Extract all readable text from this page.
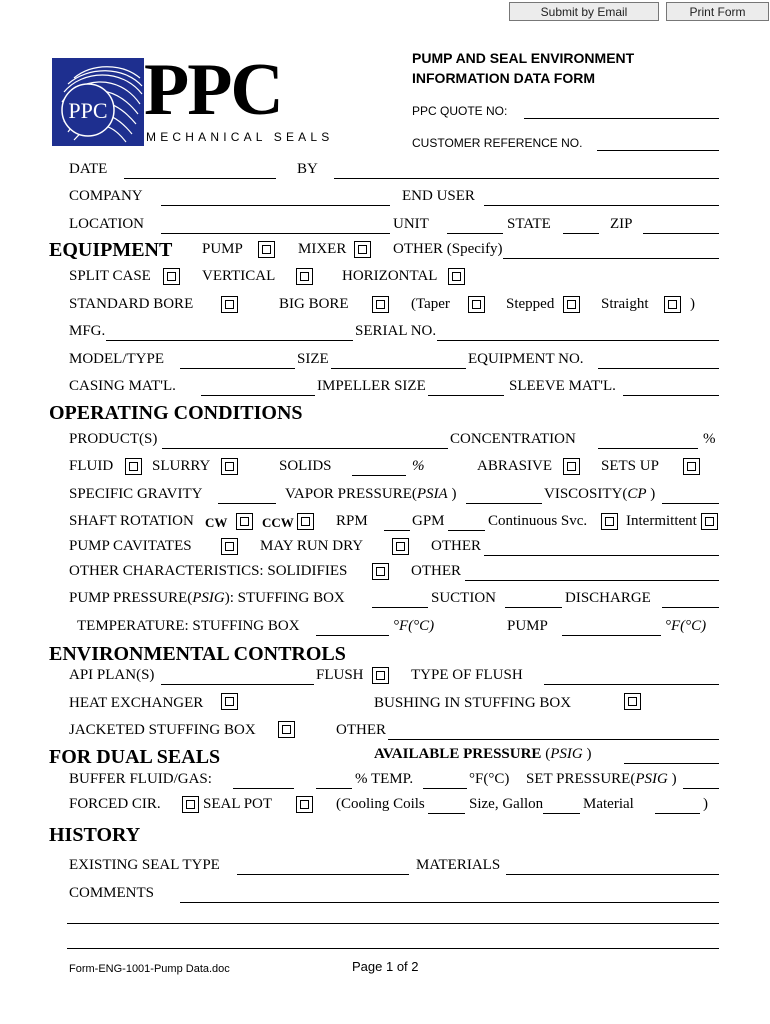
Submit by Email	Print Form
PPC PPC
MECHANICAL SEALS
PUMP AND SEAL ENVIRONMENT
INFORMATION DATA FORM
PPC QUOTE NO:
CUSTOMER REFERENCE NO.
DATE	BY
COMPANY	END USER
LOCATION	UNIT	STATE	ZIP
EQUIPMENT PUMP	MIXER	OTHER (Specify)
SPLIT CASE	VERTICAL	HORIZONTAL
STANDARD BORE	BIG BORE	(Taper	Stepped	Straight	)
MFG.	SERIAL NO.
MODEL/TYPE	SIZE	EQUIPMENT NO.
CASING MAT'L.	IMPELLER SIZE	SLEEVE MAT'L.
OPERATING CONDITIONS
PRODUCT(S)	CONCENTRATION	%
FLUID	SLURRY	SOLIDS	%	ABRASIVE	SETS UP
SPECIFIC GRAVITY	VAPOR PRESSURE(PSIA )	VISCOSITY(CP )
SHAFT ROTATION CW	CCW	RPM	GPM	Continuous Svc.	Intermittent
PUMP CAVITATES	MAY RUN DRY	OTHER
OTHER CHARACTERISTICS: SOLIDIFIES	OTHER
PUMP PRESSURE(PSIG): STUFFING BOX	SUCTION	DISCHARGE
TEMPERATURE: STUFFING BOX	°F(°C)	PUMP	°F(°C)
ENVIRONMENTAL CONTROLS
API PLAN(S)	FLUSH	TYPE OF FLUSH
HEAT EXCHANGER	BUSHING IN STUFFING BOX
JACKETED STUFFING BOX	OTHER
FOR DUAL SEALS	AVAILABLE PRESSURE (PSIG )
BUFFER FLUID/GAS:	% TEMP.	°F(°C) SET PRESSURE(PSIG )
FORCED CIR.	SEAL POT	(Cooling Coils	Size, Gallon	Material	)
HISTORY
EXISTING SEAL TYPE	MATERIALS
COMMENTS
Form-ENG-1001-Pump Data.doc	Page 1 of 2
